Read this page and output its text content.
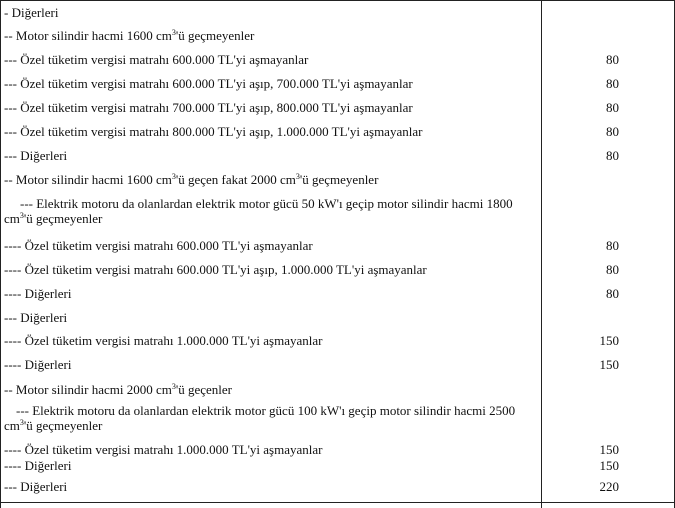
- Diğerleri
-- Motor silindir hacmi 1600 $cm^3'ü$ geçmeyenler
--- Özel tüketim vergisi matrahı 600.000 TL'yi aşmayanlar	80
--- Özel tüketim vergisi matrahı 600.000 TL'yi aşıp, 700.000 TL'yi aşmayanlar	80
--- Özel tüketim vergisi matrahı 700.000 TL'yi aşıp, 800.000 TL'yi aşmayanlar	80
--- Özel tüketim vergisi matrahı 800.000 TL'yi aşıp, 1.000.000 TL'yi aşmayanlar	80
--- Diğerleri	80
-- Motor silindir hacmi 1600 $cm^3'ü$ geçen fakat 2000 $cm^3'ü$ geçmeyenler
--- Elektrik motoru da olanlardan elektrik motor gücü 50 kW'ı geçip motor silindir hacmi 1800 $cm^3'ü$ geçmeyenler
---- Özel tüketim vergisi matrahı 600.000 TL'yi aşmayanlar	80
---- Özel tüketim vergisi matrahı 600.000 TL'yi aşıp, 1.000.000 TL'yi aşmayanlar	80
---- Diğerleri	80
--- Diğerleri
---- Özel tüketim vergisi matrahı 1.000.000 TL'yi aşmayanlar	150
---- Diğerleri	150
-- Motor silindir hacmi 2000 $cm^3'ü$ geçenler
--- Elektrik motoru da olanlardan elektrik motor gücü 100 kW'ı geçip motor silindir hacmi 2500 $cm^3'ü$ geçmeyenler
---- Özel tüketim vergisi matrahı 1.000.000 TL'yi aşmayanlar	150
---- Diğerleri	150
--- Diğerleri	220
